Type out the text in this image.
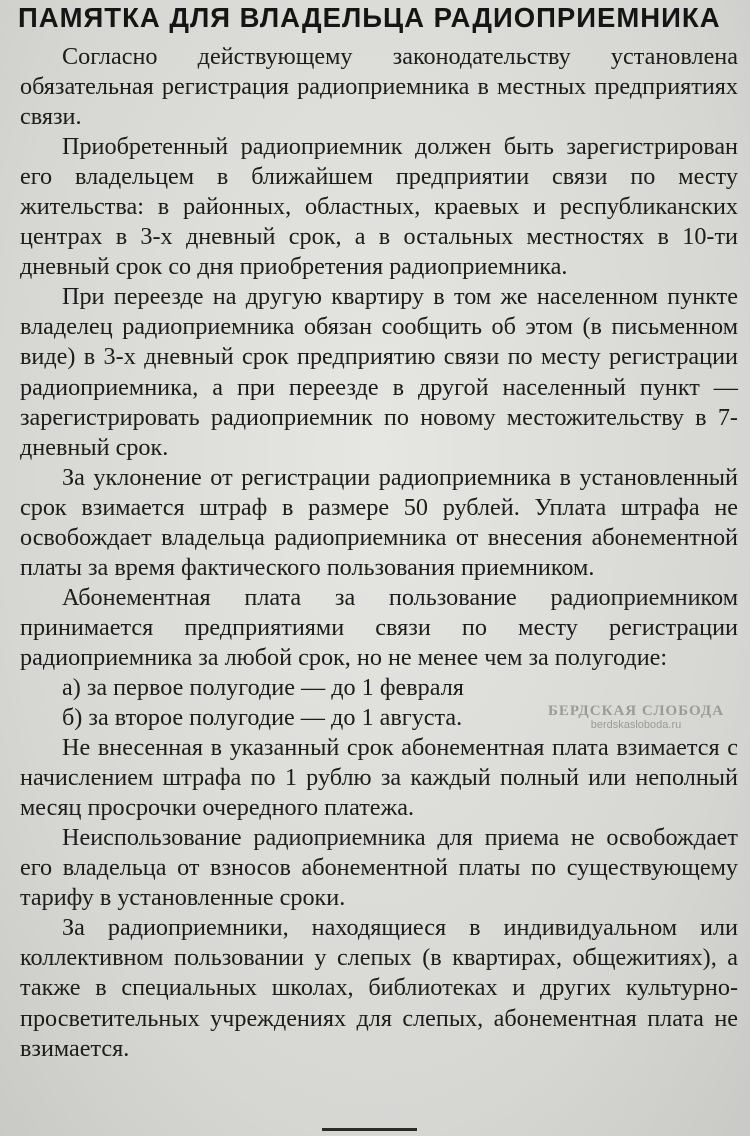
ПАМЯТКА ДЛЯ ВЛАДЕЛЬЦА РАДИОПРИЕМНИКА

Согласно действующему законодательству установлена обязательная регистрация радиоприемника в местных предприятиях связи.

Приобретенный радиоприемник должен быть зарегистрирован его владельцем в ближайшем предприятии связи по месту жительства: в районных, областных, краевых и республиканских центрах в 3-х дневный срок, а в остальных местностях в 10-ти дневный срок со дня приобретения радиоприемника.

При переезде на другую квартиру в том же населенном пункте владелец радиоприемника обязан сообщить об этом (в письменном виде) в 3-х дневный срок предприятию связи по месту регистрации радиоприемника, а при переезде в другой населенный пункт — зарегистрировать радиоприемник по новому местожительству в 7-дневный срок.

За уклонение от регистрации радиоприемника в установленный срок взимается штраф в размере 50 рублей. Уплата штрафа не освобождает владельца радиоприемника от внесения абонементной платы за время фактического пользования приемником.

Абонементная плата за пользование радиоприемником принимается предприятиями связи по месту регистрации радиоприемника за любой срок, но не менее чем за полугодие:

а) за первое полугодие — до 1 февраля

б) за второе полугодие — до 1 августа.

Не внесенная в указанный срок абонементная плата взимается с начислением штрафа по 1 рублю за каждый полный или неполный месяц просрочки очередного платежа.

Неиспользование радиоприемника для приема не освобождает его владельца от взносов абонементной платы по существующему тарифу в установленные сроки.

За радиоприемники, находящиеся в индивидуальном или коллективном пользовании у слепых (в квартирах, общежитиях), а также в специальных школах, библиотеках и других культурно-просветительных учреждениях для слепых, абонементная плата не взимается.

БЕРДСКАЯ СЛОБОДА
berdskasloboda.ru
